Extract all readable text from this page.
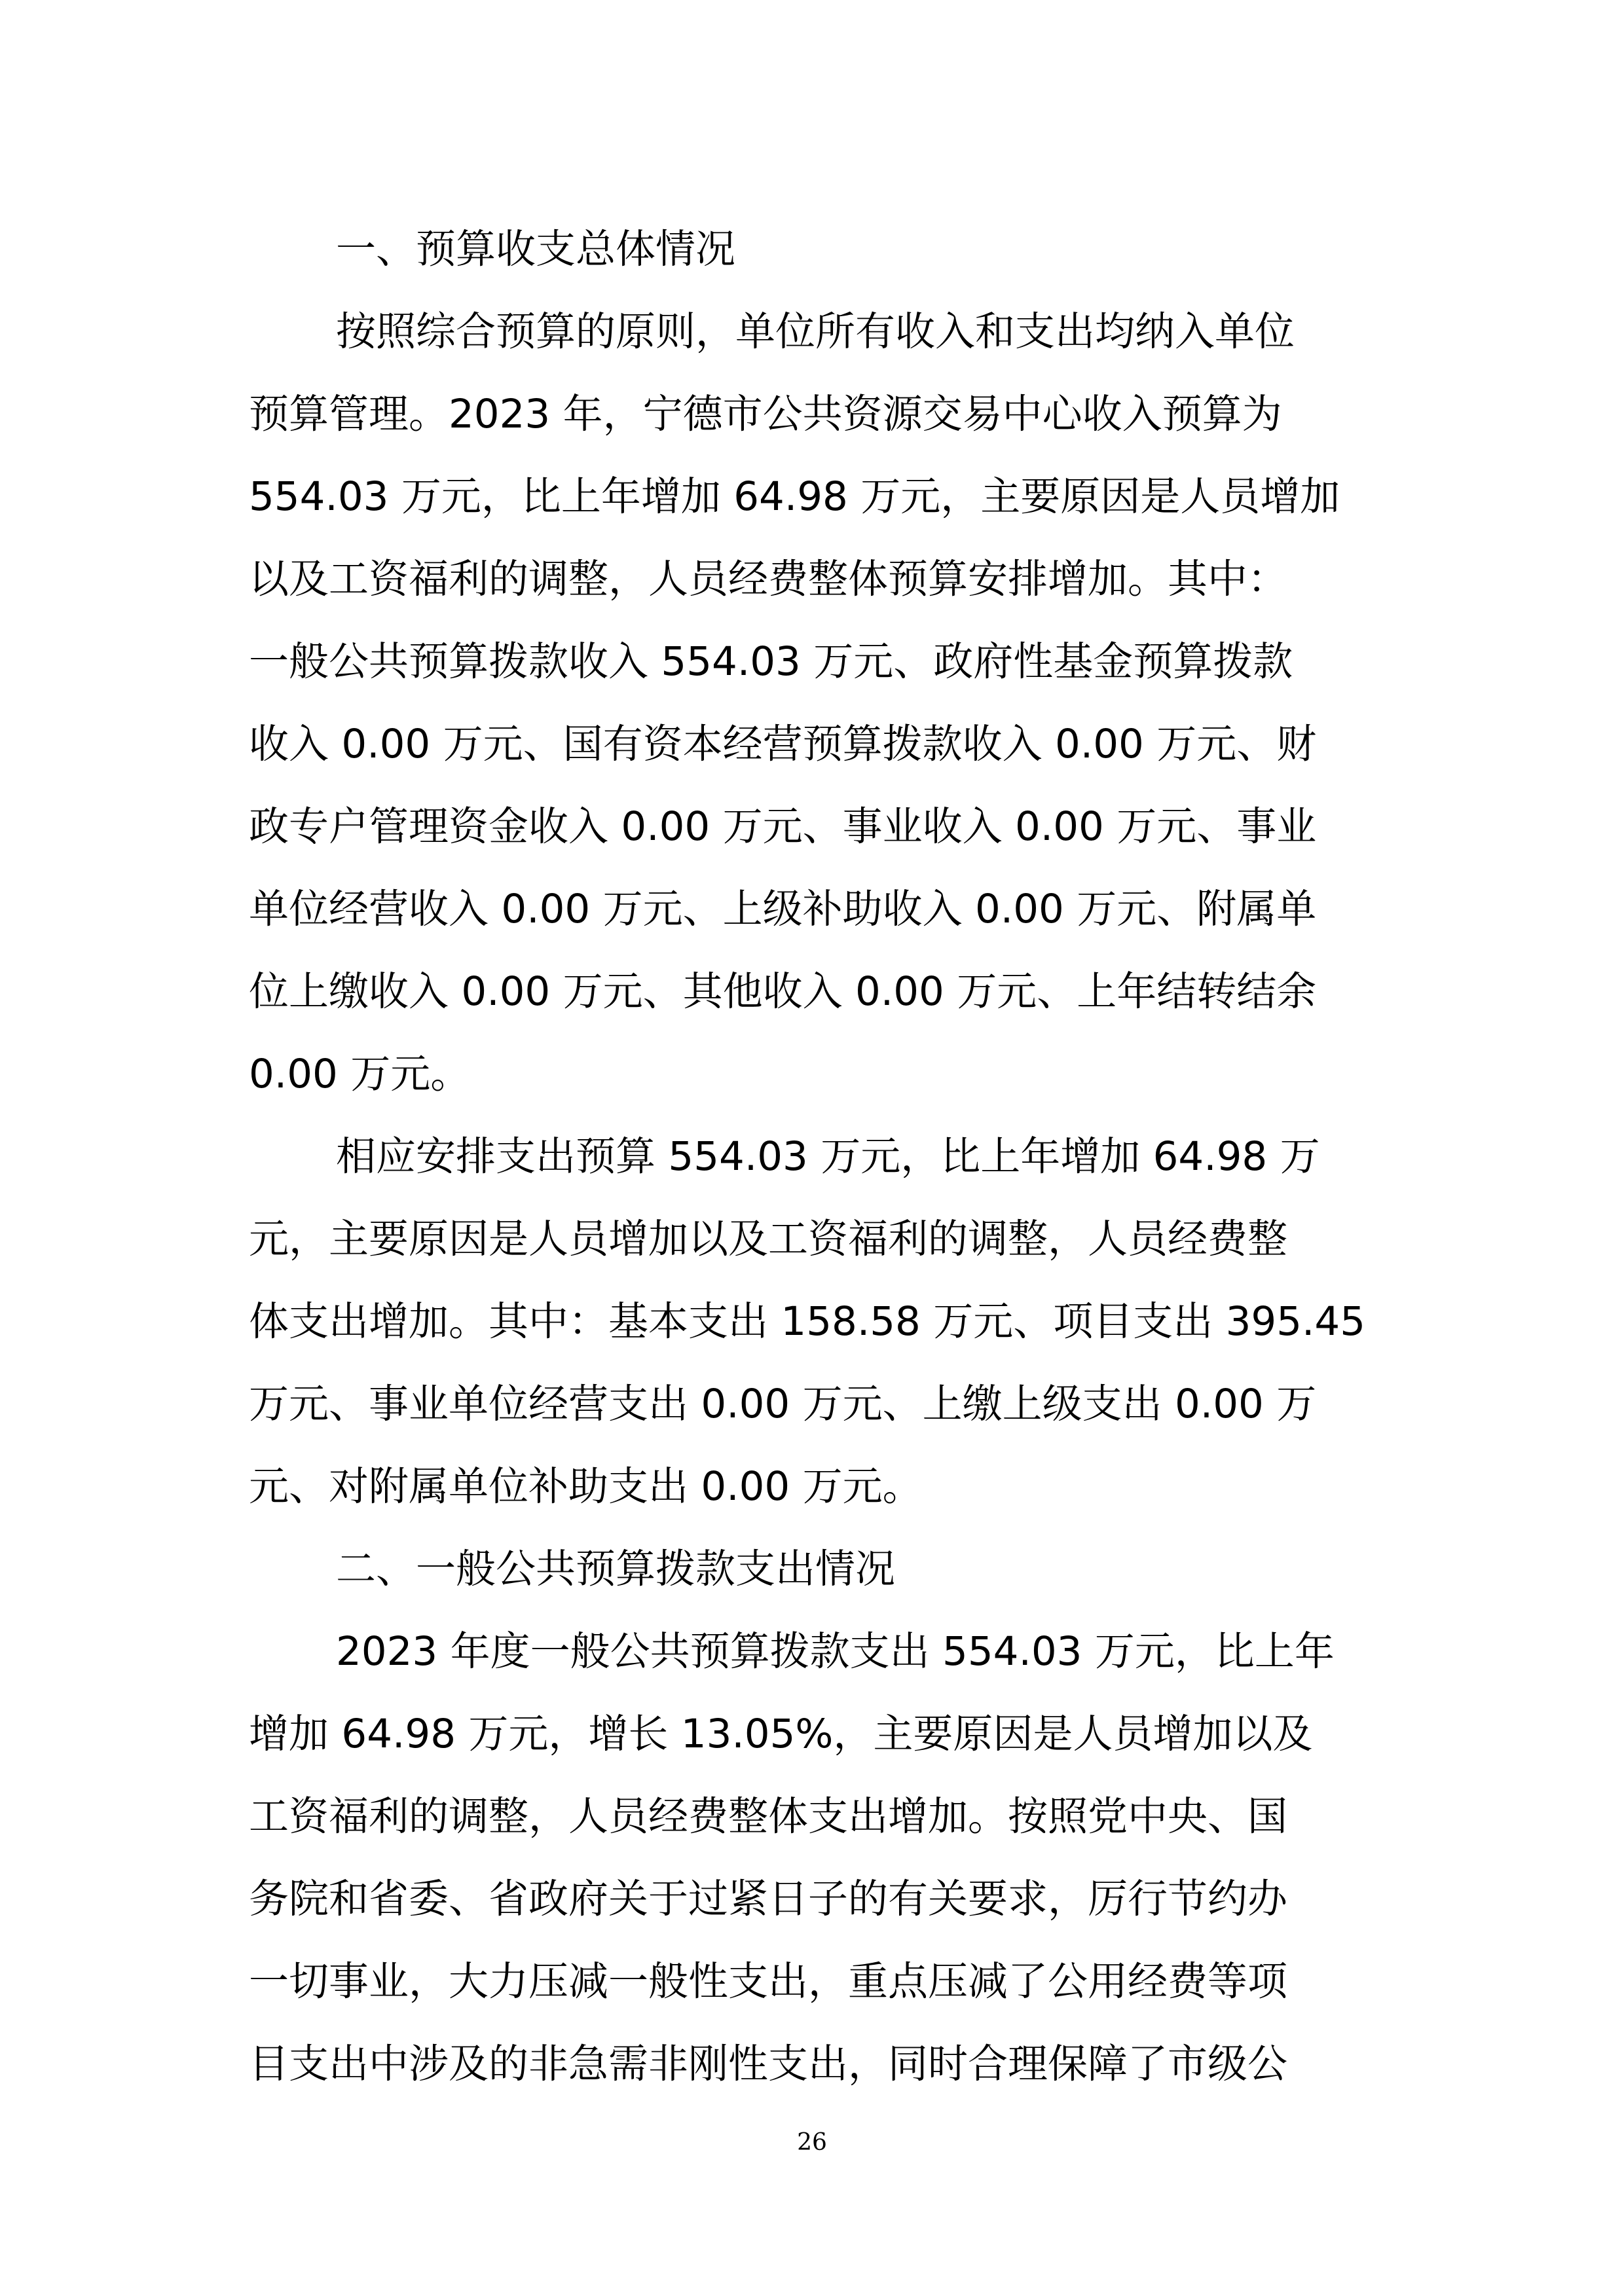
一、预算收支总体情况
按照综合预算的原则，单位所有收入和支出均纳入单位
预算管理。2023 年，宁德市公共资源交易中心收入预算为
554.03 万元，比上年增加 64.98 万元，主要原因是人员增加
以及工资福利的调整，人员经费整体预算安排增加。其中：
一般公共预算拨款收入 554.03 万元、政府性基金预算拨款
收入 0.00 万元、国有资本经营预算拨款收入 0.00 万元、财
政专户管理资金收入 0.00 万元、事业收入 0.00 万元、事业
单位经营收入 0.00 万元、上级补助收入 0.00 万元、附属单
位上缴收入 0.00 万元、其他收入 0.00 万元、上年结转结余
0.00 万元。
相应安排支出预算 554.03 万元，比上年增加 64.98 万
元，主要原因是人员增加以及工资福利的调整，人员经费整
体支出增加。其中：基本支出 158.58 万元、项目支出 395.45
万元、事业单位经营支出 0.00 万元、上缴上级支出 0.00 万
元、对附属单位补助支出 0.00 万元。
二、一般公共预算拨款支出情况
2023 年度一般公共预算拨款支出 554.03 万元，比上年
增加 64.98 万元，增长 13.05%，主要原因是人员增加以及
工资福利的调整，人员经费整体支出增加。按照党中央、国
务院和省委、省政府关于过紧日子的有关要求，厉行节约办
一切事业，大力压减一般性支出，重点压减了公用经费等项
目支出中涉及的非急需非刚性支出，同时合理保障了市级公
26
